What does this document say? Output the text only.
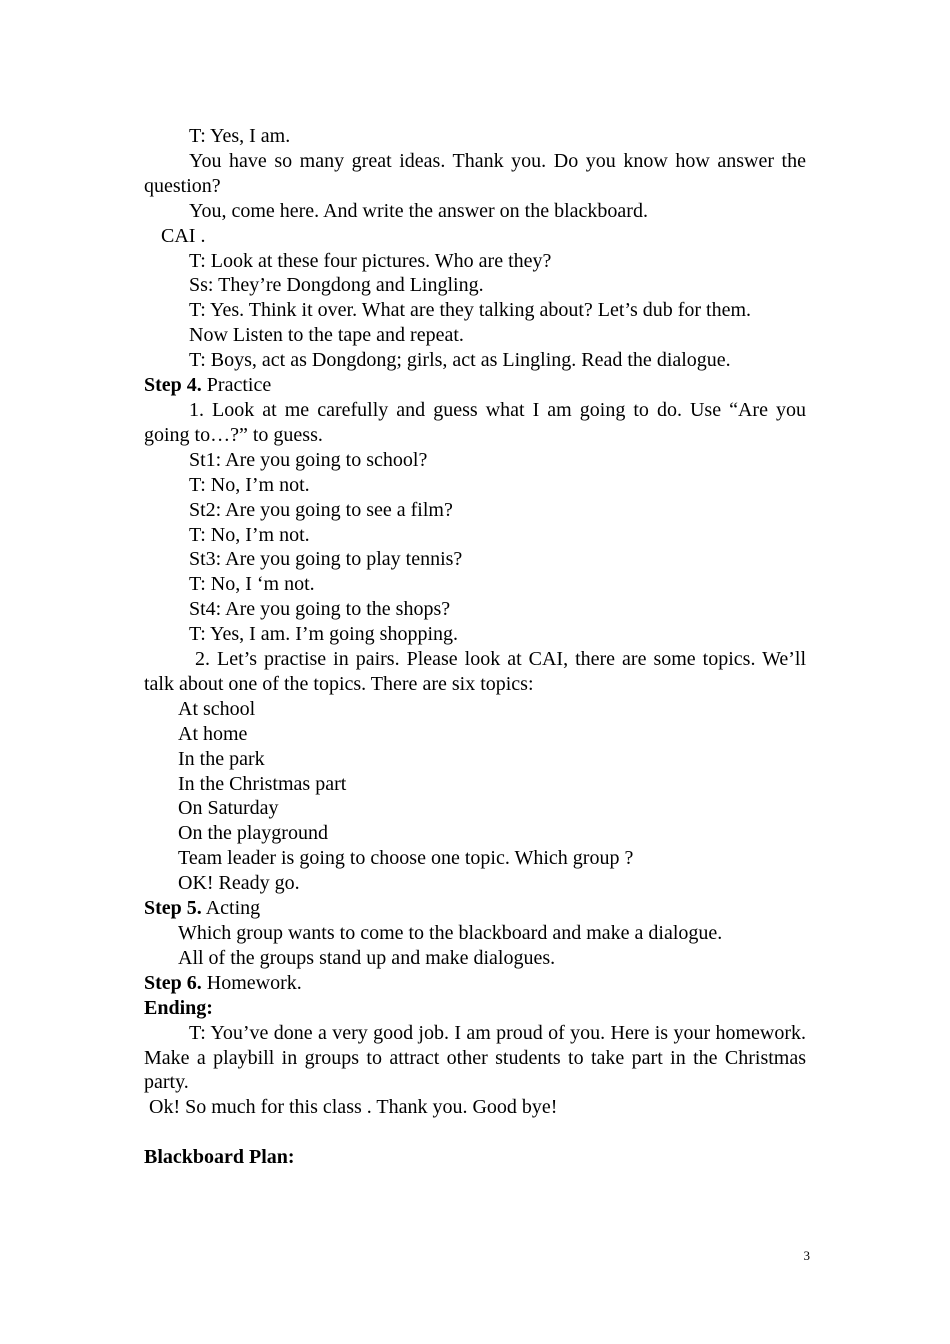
T: Yes, I am.

You have so many great ideas. Thank you. Do you know how answer the question?

You, come here. And write the answer on the blackboard.

CAI .

T: Look at these four pictures. Who are they?

Ss: They’re Dongdong and Lingling.

T: Yes. Think it over. What are they talking about? Let’s dub for them.

Now Listen to the tape and repeat.

T: Boys, act as Dongdong; girls, act as Lingling. Read the dialogue.

Step 4. Practice

1. Look at me carefully and guess what I am going to do. Use “Are you going to…?” to guess.

St1: Are you going to school?

T: No, I’m not.

St2: Are you going to see a film?

T: No, I’m not.

St3: Are you going to play tennis?

T: No, I ‘m not.

St4: Are you going to the shops?

T: Yes, I am. I’m going shopping.

2. Let’s practise in pairs. Please look at CAI, there are some topics. We’ll talk about one of the topics. There are six topics:

At school

At home

In the park

In the Christmas part

On Saturday

On the playground

Team leader is going to choose one topic. Which group ?

OK! Ready go.

Step 5. Acting

Which group wants to come to the blackboard and make a dialogue.

All of the groups stand up and make dialogues.

Step 6. Homework.

Ending:

T: You’ve done a very good job. I am proud of you. Here is your homework. Make a playbill in groups to attract other students to take part in the Christmas party.

Ok! So much for this class . Thank you. Good bye!

Blackboard Plan:

3
